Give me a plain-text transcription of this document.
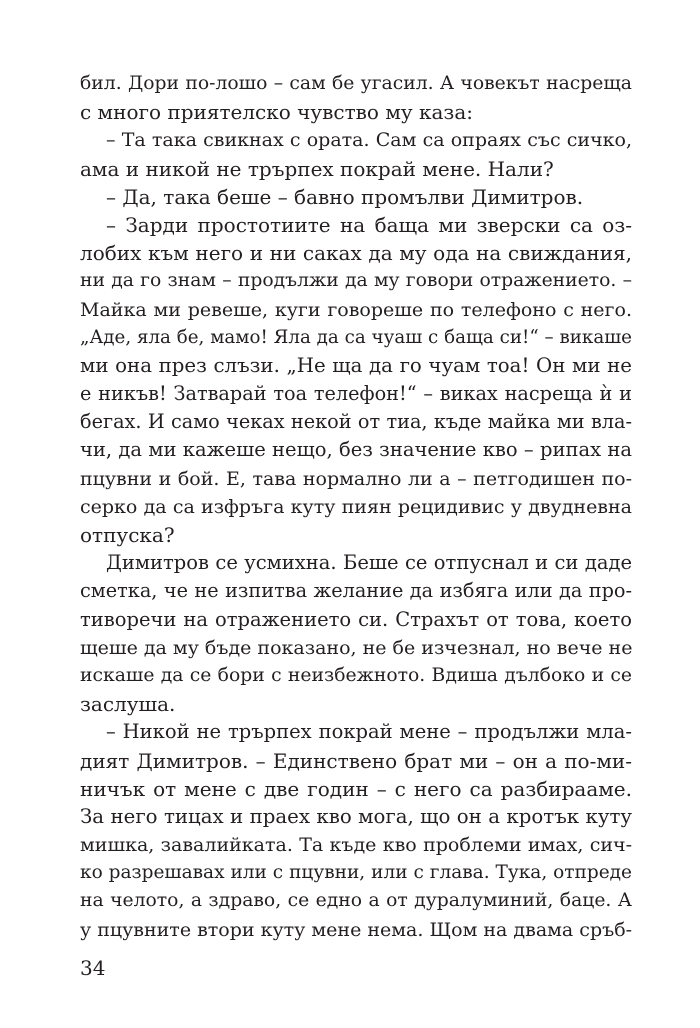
бил. Дори по-лошо – сам бе угасил. А човекът насреща
с много приятелско чувство му каза:
– Та така свикнах с ората. Сам са опраях със сичко,
ама и никой не трърпех покрай мене. Нали?
– Да, така беше – бавно промълви Димитров.
– Зарди простотиите на баща ми зверски са оз-
лобих към него и ни саках да му ода на свиждания,
ни да го знам – продължи да му говори отражението. –
Майка ми ревеше, куги говореше по телефоно с него.
„Аде, яла бе, мамо! Яла да са чуаш с баща си!“ – викаше
ми она през слъзи. „Не ща да го чуам тоа! Он ми не
е никъв! Затварай тоа телефон!“ – виках насреща ѝ и
бегах. И само чеках некой от тиа, къде майка ми вла-
чи, да ми кажеше нещо, без значение кво – рипах на
пцувни и бой. Е, тава нормално ли а – петгодишен по-
серко да са изфръга куту пиян рецидивис у двудневна
отпуска?
Димитров се усмихна. Беше се отпуснал и си даде
сметка, че не изпитва желание да избяга или да про-
тиворечи на отражението си. Страхът от това, което
щеше да му бъде показано, не бе изчезнал, но вече не
искаше да се бори с неизбежното. Вдиша дълбоко и се
заслуша.
– Никой не трърпех покрай мене – продължи мла-
дият Димитров. – Единствено брат ми – он а по-ми-
ничък от мене с две годин – с него са разбирааме.
За него тицах и праех кво мога, що он а кротък куту
мишка, завалийката. Та къде кво проблеми имах, сич-
ко разрешавах или с пцувни, или с глава. Тука, отпреде
на челото, а здраво, се едно а от дуралуминий, баце. А
у пцувните втори куту мене нема. Щом на двама сръб-
34
